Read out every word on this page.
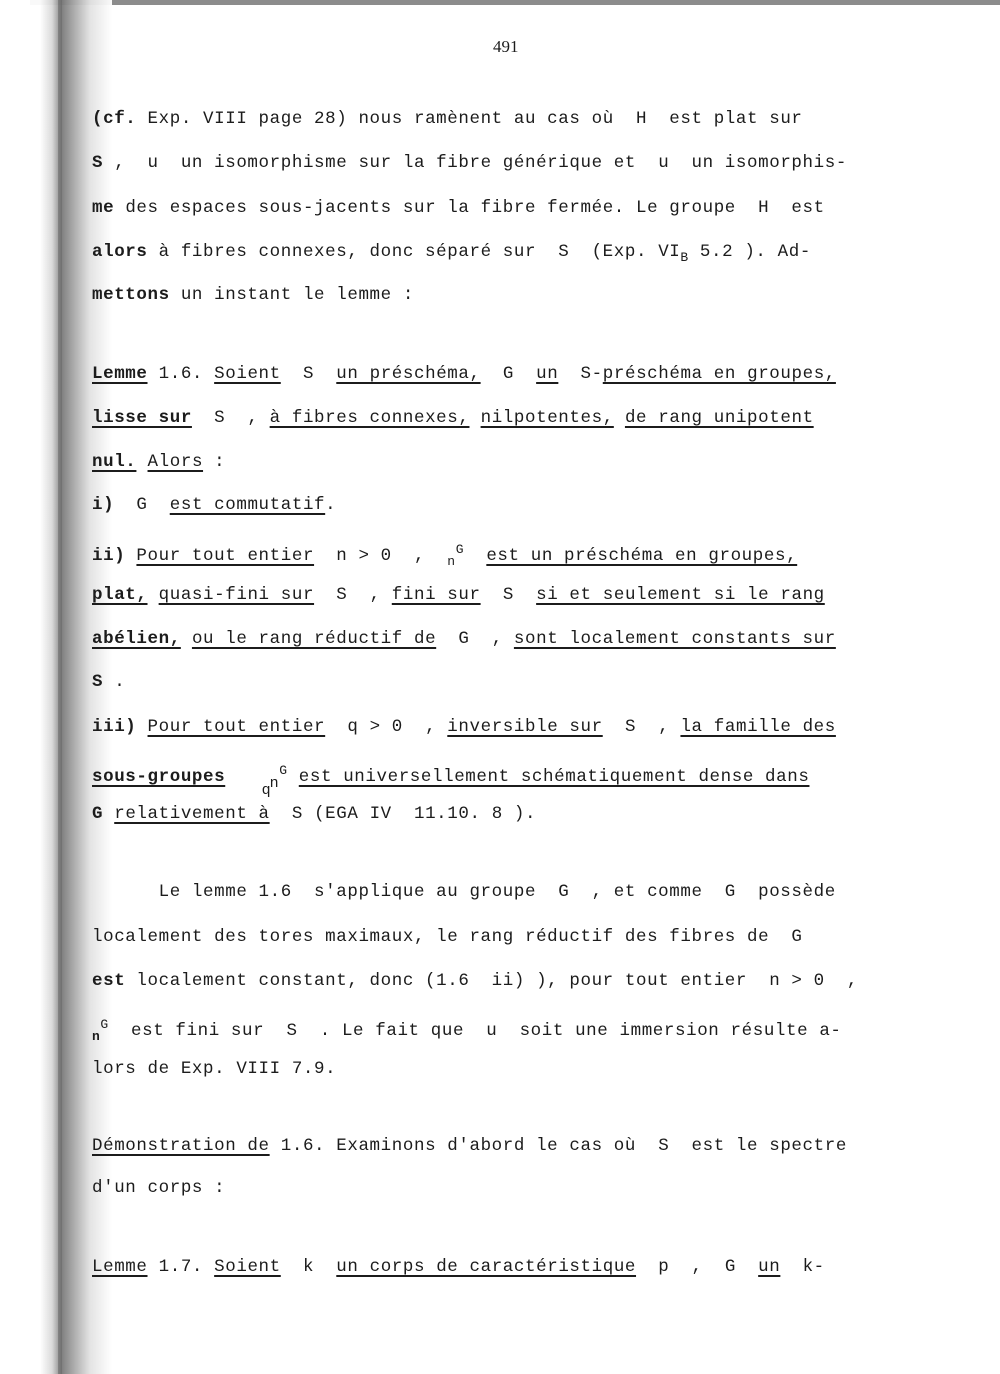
491
(cf. Exp. VIII page 28) nous ramènent au cas où  H  est plat sur
S ,  u  un isomorphisme sur la fibre générique et  u  un isomorphis-
me des espaces sous-jacents sur la fibre fermée. Le groupe  H  est
alors à fibres connexes, donc séparé sur  S  (Exp. $VI_B$ 5.2 ). Ad-
mettons un instant le lemme :
Lemme 1.6. Soient  S  un préschéma,  G  un  S-préschéma en groupes,
lisse sur  S  , à fibres connexes, nilpotentes, de rang unipotent
nul. Alors :
i)  G  est commutatif.
ii) Pour tout entier  n > 0  ,  $_n^G$ est un préschéma en groupes,
plat, quasi-fini sur  S  , fini sur  S  si et seulement si le rang
abélien, ou le rang réductif de  G  , sont localement constants sur
S .
iii) Pour tout entier  q > 0  , inversible sur  S  , la famille des
sous-groupes
q
$n^G$ est universellement schématiquement dense dans
G relativement à  S (EGA IV  11.10. 8 ).
Le lemme 1.6  s'applique au groupe  G  , et comme  G  possède
localement des tores maximaux, le rang réductif des fibres de  G
est localement constant, donc (1.6  ii) ), pour tout entier  n > 0  ,
$_n^G$  est fini sur  S  . Le fait que  u  soit une immersion résulte a-
lors de Exp. VIII 7.9.
Démonstration de 1.6. Examinons d'abord le cas où  S  est le spectre
d'un corps :
Lemme 1.7. Soient  k  un corps de caractéristique  p  ,  G  un  k-
